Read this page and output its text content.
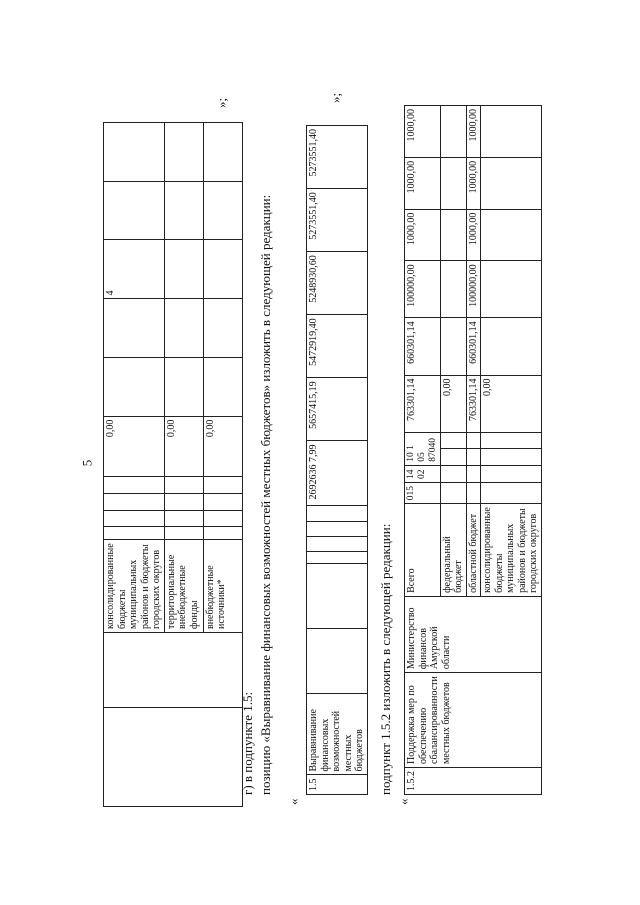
5
		консолидированные бюджеты муниципальных районов и бюджеты городских округов					0,00			4		
		территориальные внебюджетные фонды					0,00					
		внебюджетные источники*					0,00					
»;
г) в подпункте 1.5: позицию «Выравнивание финансовых возможностей местных бюджетов» изложить в следующей редакции:
«
1.5	Выравнивание финансовых возможностей местных бюджетов							2692636 7,99	5657415,19	5472919,40	5248930,60	5273551,40	5273551,40
»;
подпункт 1.5.2 изложить в следующей редакции:
«
1.5.2	Поддержка мер по обеспечению сбалансированности местных бюджетов	Министерство финансов Амурской области	Всего	015	14 02	10 1 05 87040		763301,14	660301,14	100000,00	1000,00	1000,00	1000,00
			федеральный бюджет					0,00					
			областной бюджет					763301,14	660301,14	100000,00	1000,00	1000,00	1000,00
			консолидированные бюджеты муниципальных районов и бюджеты городских округов					0,00					
